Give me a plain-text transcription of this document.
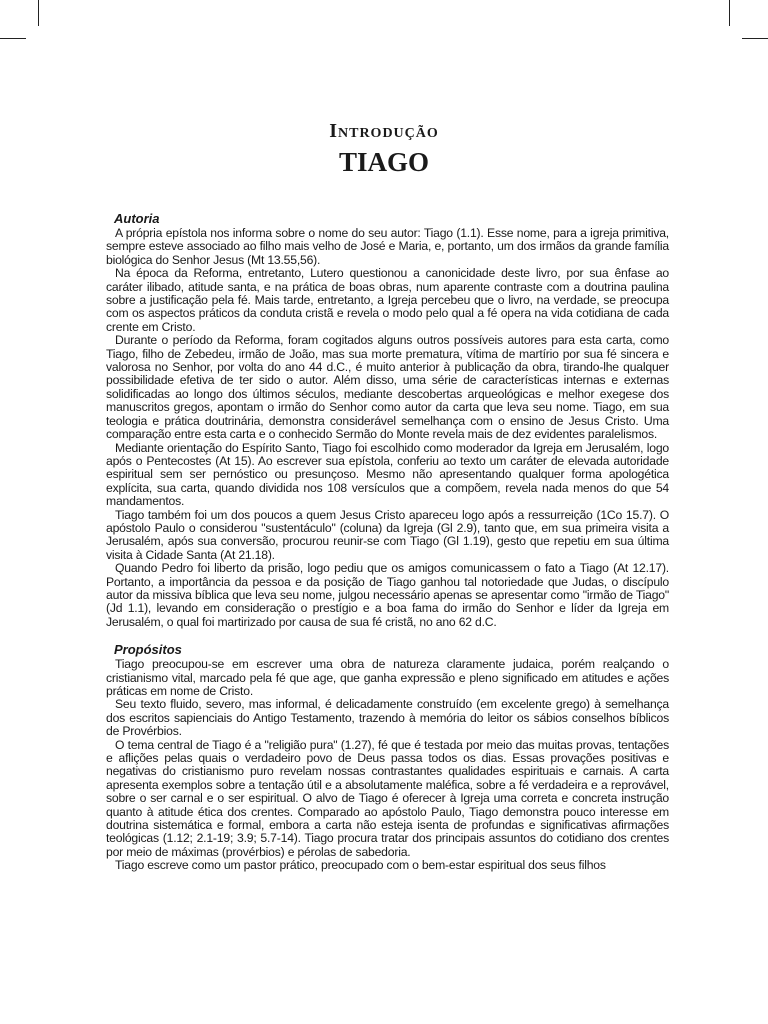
Introdução
TIAGO
Autoria

A própria epístola nos informa sobre o nome do seu autor: Tiago (1.1). Esse nome, para a igreja primitiva, sempre esteve associado ao filho mais velho de José e Maria, e, portanto, um dos irmãos da grande família biológica do Senhor Jesus (Mt 13.55,56).

Na época da Reforma, entretanto, Lutero questionou a canonicidade deste livro, por sua ênfase ao caráter ilibado, atitude santa, e na prática de boas obras, num aparente contraste com a doutrina paulina sobre a justificação pela fé. Mais tarde, entretanto, a Igreja percebeu que o livro, na verdade, se preocupa com os aspectos práticos da conduta cristã e revela o modo pelo qual a fé opera na vida cotidiana de cada crente em Cristo.

Durante o período da Reforma, foram cogitados alguns outros possíveis autores para esta carta, como Tiago, filho de Zebedeu, irmão de João, mas sua morte prematura, vítima de martírio por sua fé sincera e valorosa no Senhor, por volta do ano 44 d.C., é muito anterior à publicação da obra, tirando-lhe qualquer possibilidade efetiva de ter sido o autor. Além disso, uma série de características internas e externas solidificadas ao longo dos últimos séculos, mediante descobertas arqueológicas e melhor exegese dos manuscritos gregos, apontam o irmão do Senhor como autor da carta que leva seu nome. Tiago, em sua teologia e prática doutrinária, demonstra considerável semelhança com o ensino de Jesus Cristo. Uma comparação entre esta carta e o conhecido Sermão do Monte revela mais de dez evidentes paralelismos.

Mediante orientação do Espírito Santo, Tiago foi escolhido como moderador da Igreja em Jerusalém, logo após o Pentecostes (At 15). Ao escrever sua epístola, conferiu ao texto um caráter de elevada autoridade espiritual sem ser pernóstico ou presunçoso. Mesmo não apresentando qualquer forma apologética explícita, sua carta, quando dividida nos 108 versículos que a compõem, revela nada menos do que 54 mandamentos.

Tiago também foi um dos poucos a quem Jesus Cristo apareceu logo após a ressurreição (1Co 15.7). O apóstolo Paulo o considerou "sustentáculo" (coluna) da Igreja (Gl 2.9), tanto que, em sua primeira visita a Jerusalém, após sua conversão, procurou reunir-se com Tiago (Gl 1.19), gesto que repetiu em sua última visita à Cidade Santa (At 21.18).

Quando Pedro foi liberto da prisão, logo pediu que os amigos comunicassem o fato a Tiago (At 12.17). Portanto, a importância da pessoa e da posição de Tiago ganhou tal notoriedade que Judas, o discípulo autor da missiva bíblica que leva seu nome, julgou necessário apenas se apresentar como "irmão de Tiago" (Jd 1.1), levando em consideração o prestígio e a boa fama do irmão do Senhor e líder da Igreja em Jerusalém, o qual foi martirizado por causa de sua fé cristã, no ano 62 d.C.

Propósitos

Tiago preocupou-se em escrever uma obra de natureza claramente judaica, porém realçando o cristianismo vital, marcado pela fé que age, que ganha expressão e pleno significado em atitudes e ações práticas em nome de Cristo.

Seu texto fluido, severo, mas informal, é delicadamente construído (em excelente grego) à semelhança dos escritos sapienciais do Antigo Testamento, trazendo à memória do leitor os sábios conselhos bíblicos de Provérbios.

O tema central de Tiago é a "religião pura" (1.27), fé que é testada por meio das muitas provas, tentações e aflições pelas quais o verdadeiro povo de Deus passa todos os dias. Essas provações positivas e negativas do cristianismo puro revelam nossas contrastantes qualidades espirituais e carnais. A carta apresenta exemplos sobre a tentação útil e a absolutamente maléfica, sobre a fé verdadeira e a reprovável, sobre o ser carnal e o ser espiritual. O alvo de Tiago é oferecer à Igreja uma correta e concreta instrução quanto à atitude ética dos crentes. Comparado ao apóstolo Paulo, Tiago demonstra pouco interesse em doutrina sistemática e formal, embora a carta não esteja isenta de profundas e significativas afirmações teológicas (1.12; 2.1-19; 3.9; 5.7-14). Tiago procura tratar dos principais assuntos do cotidiano dos crentes por meio de máximas (provérbios) e pérolas de sabedoria.

Tiago escreve como um pastor prático, preocupado com o bem-estar espiritual dos seus filhos
